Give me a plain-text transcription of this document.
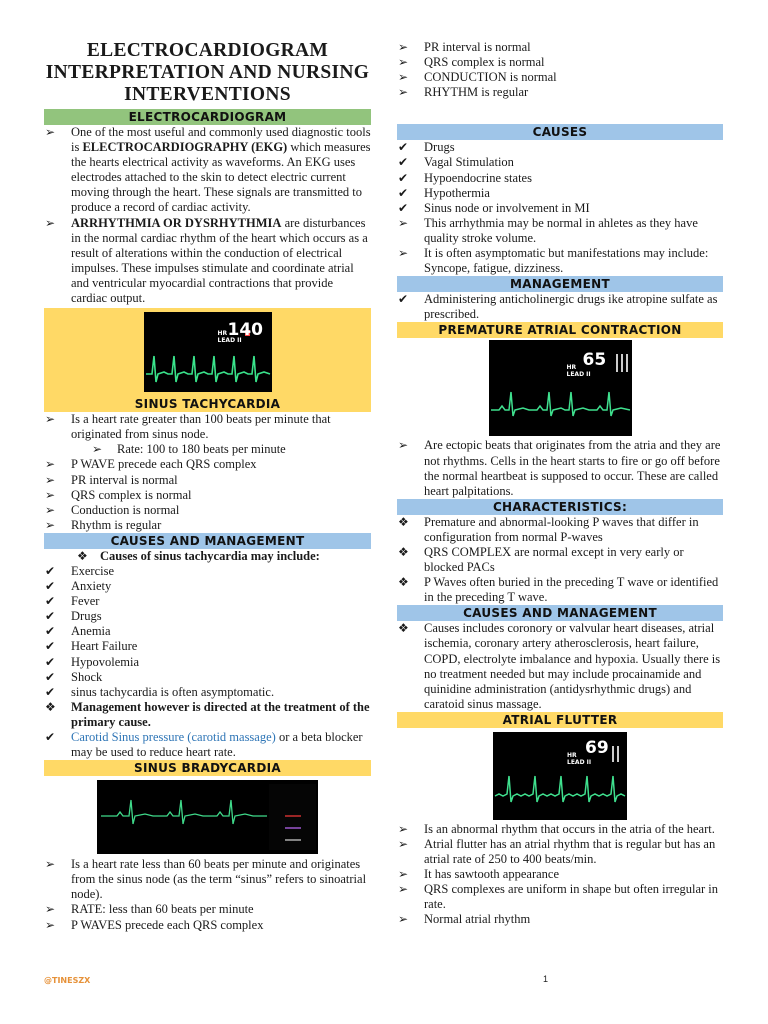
ELECTROCARDIOGRAM INTERPRETATION AND NURSING INTERVENTIONS
ELECTROCARDIOGRAM
➢	One of the most useful and commonly used diagnostic tools is ELECTROCARDIOGRAPHY (EKG) which measures the hearts electrical activity as waveforms. An EKG uses electrodes attached to the skin to detect electric current moving through the heart. These signals are transmitted to produce a record of cardiac activity.
➢	ARRHYTHMIA OR DYSRHYTHMIA are disturbances in the normal cardiac rhythm of the heart which occurs as a result of alterations within the conduction of electrical impulses. These impulses stimulate and coordinate atrial and ventricular myocardial contractions that provide cardiac output.
HR
LEAD II
140
SINUS TACHYCARDIA
➢	Is a heart rate greater than 100 beats per minute that originated from sinus node.
➢	Rate: 100 to 180 beats per minute
➢	P WAVE precede each QRS complex
➢	PR interval is normal
➢	QRS complex is normal
➢	Conduction is normal
➢	Rhythm is regular
CAUSES AND MANAGEMENT
❖ Causes of sinus tachycardia may include:
✔	Exercise
✔	Anxiety
✔	Fever
✔	Drugs
✔	Anemia
✔	Heart Failure
✔	Hypovolemia
✔	Shock
✔	sinus tachycardia is often asymptomatic.
❖	Management however is directed at the treatment of the primary cause.
✔	Carotid Sinus pressure (carotid massage) or a beta blocker may be used to reduce heart rate.
SINUS BRADYCARDIA
➢	Is a heart rate less than 60 beats per minute and originates from the sinus node (as the term “sinus” refers to sinoatrial node).
➢	RATE: less than 60 beats per minute
➢	P WAVES precede each QRS complex
➢	PR interval is normal
➢	QRS complex is normal
➢	CONDUCTION is normal
➢	RHYTHM is regular
CAUSES
✔	Drugs
✔	Vagal Stimulation
✔	Hypoendocrine states
✔	Hypothermia
✔	Sinus node or involvement in MI
➢	This arrhythmia may be normal in ahletes as they have quality stroke volume.
➢	It is often asymptomatic but manifestations may include: Syncope, fatigue, dizziness.
MANAGEMENT
✔	Administering anticholinergic drugs ike atropine sulfate as prescribed.
PREMATURE ATRIAL CONTRACTION
HR
LEAD II
65
➢	Are ectopic beats that originates from the atria and they are not rhythms. Cells in the heart starts to fire or go off before the normal heartbeat is supposed to occur. These are called heart palpitations.
CHARACTERISTICS:
❖	Premature and abnormal-looking P waves that differ in configuration from normal P-waves
❖	QRS COMPLEX are normal except in very early or blocked PACs
❖	P Waves often buried in the preceding T wave or identified in the preceding T wave.
CAUSES AND MANAGEMENT
❖	Causes includes coronory or valvular heart diseases, atrial ischemia, coronary artery atherosclerosis, heart failure, COPD, electrolyte imbalance and hypoxia. Usually there is no treatment needed but may include procainamide and quinidine administration (antidysrhythmic drugs) and caratoid sinus massage.
ATRIAL FLUTTER
HR
LEAD II
69
➢	Is an abnormal rhythm that occurs in the atria of the heart.
➢	Atrial flutter has an atrial rhythm that is regular but has an atrial rate of 250 to 400 beats/min.
➢	It has sawtooth appearance
➢	QRS complexes are uniform in shape but often irregular in rate.
➢	Normal atrial rhythm
@TINESZX	1
